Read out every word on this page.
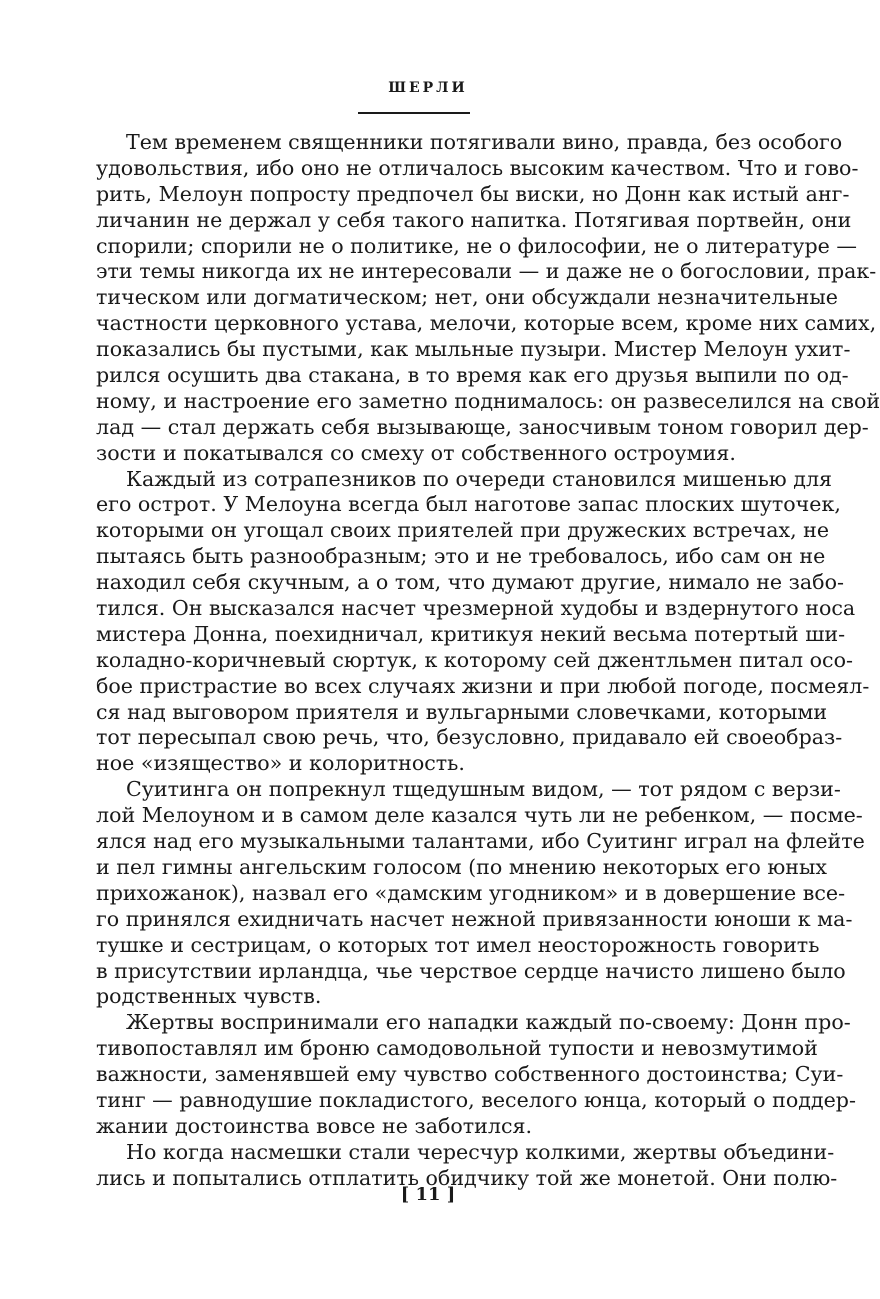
ШЕРЛИ
Тем временем священники потягивали вино, правда, без особого
удовольствия, ибо оно не отличалось высоким качеством. Что и гово-
рить, Мелоун попросту предпочел бы виски, но Донн как истый анг-
личанин не держал у себя такого напитка. Потягивая портвейн, они
спорили; спорили не о политике, не о философии, не о литературе —
эти темы никогда их не интересовали — и даже не о богословии, прак-
тическом или догматическом; нет, они обсуждали незначительные
частности церковного устава, мелочи, которые всем, кроме них самих,
показались бы пустыми, как мыльные пузыри. Мистер Мелоун ухит-
рился осушить два стакана, в то время как его друзья выпили по од-
ному, и настроение его заметно поднималось: он развеселился на свой
лад — стал держать себя вызывающе, заносчивым тоном говорил дер-
зости и покатывался со смеху от собственного остроумия.
Каждый из сотрапезников по очереди становился мишенью для
его острот. У Мелоуна всегда был наготове запас плоских шуточек,
которыми он угощал своих приятелей при дружеских встречах, не
пытаясь быть разнообразным; это и не требовалось, ибо сам он не
находил себя скучным, а о том, что думают другие, нимало не забо-
тился. Он высказался насчет чрезмерной худобы и вздернутого носа
мистера Донна, поехидничал, критикуя некий весьма потертый ши-
коладно-коричневый сюртук, к которому сей джентльмен питал осо-
бое пристрастие во всех случаях жизни и при любой погоде, посмеял-
ся над выговором приятеля и вульгарными словечками, которыми
тот пересыпал свою речь, что, безусловно, придавало ей своеобраз-
ное «изящество» и колоритность.
Суитинга он попрекнул тщедушным видом, — тот рядом с верзи-
лой Мелоуном и в самом деле казался чуть ли не ребенком, — посме-
ялся над его музыкальными талантами, ибо Суитинг играл на флейте
и пел гимны ангельским голосом (по мнению некоторых его юных
прихожанок), назвал его «дамским угодником» и в довершение все-
го принялся ехидничать насчет нежной привязанности юноши к ма-
тушке и сестрицам, о которых тот имел неосторожность говорить
в присутствии ирландца, чье черствое сердце начисто лишено было
родственных чувств.
Жертвы воспринимали его нападки каждый по-своему: Донн про-
тивопоставлял им броню самодовольной тупости и невозмутимой
важности, заменявшей ему чувство собственного достоинства; Суи-
тинг — равнодушие покладистого, веселого юнца, который о поддер-
жании достоинства вовсе не заботился.
Но когда насмешки стали чересчур колкими, жертвы объедини-
лись и попытались отплатить обидчику той же монетой. Они полю-
[ 11 ]
